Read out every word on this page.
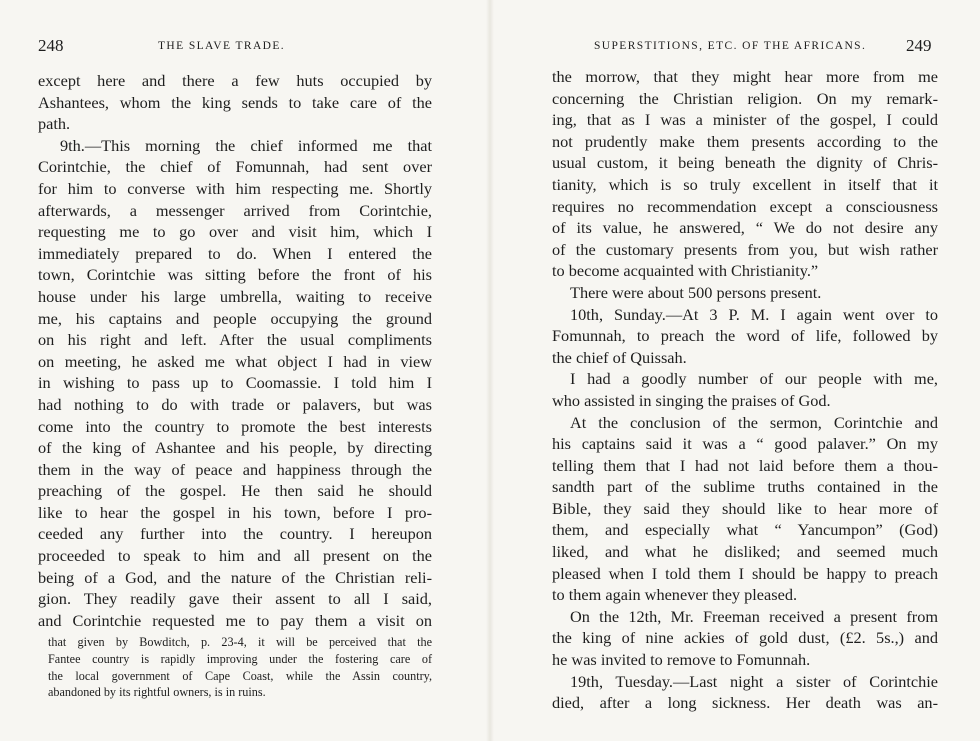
248	THE SLAVE TRADE.
except here and there a few huts occupied by
Ashantees, whom the king sends to take care of the
path.
9th.—This morning the chief informed me that
Corintchie, the chief of Fomunnah, had sent over
for him to converse with him respecting me. Shortly
afterwards, a messenger arrived from Corintchie,
requesting me to go over and visit him, which I
immediately prepared to do. When I entered the
town, Corintchie was sitting before the front of his
house under his large umbrella, waiting to receive
me, his captains and people occupying the ground
on his right and left. After the usual compliments
on meeting, he asked me what object I had in view
in wishing to pass up to Coomassie. I told him I
had nothing to do with trade or palavers, but was
come into the country to promote the best interests
of the king of Ashantee and his people, by directing
them in the way of peace and happiness through the
preaching of the gospel. He then said he should
like to hear the gospel in his town, before I pro-
ceeded any further into the country. I hereupon
proceeded to speak to him and all present on the
being of a God, and the nature of the Christian reli-
gion. They readily gave their assent to all I said,
and Corintchie requested me to pay them a visit on
that given by Bowditch, p. 23-4, it will be perceived that the
Fantee country is rapidly improving under the fostering care of
the local government of Cape Coast, while the Assin country,
abandoned by its rightful owners, is in ruins.
SUPERSTITIONS, ETC. OF THE AFRICANS. 249
the morrow, that they might hear more from me
concerning the Christian religion. On my remark-
ing, that as I was a minister of the gospel, I could
not prudently make them presents according to the
usual custom, it being beneath the dignity of Chris-
tianity, which is so truly excellent in itself that it
requires no recommendation except a consciousness
of its value, he answered, “ We do not desire any
of the customary presents from you, but wish rather
to become acquainted with Christianity.”
There were about 500 persons present.
10th, Sunday.—At 3 P. M. I again went over to
Fomunnah, to preach the word of life, followed by
the chief of Quissah.
I had a goodly number of our people with me,
who assisted in singing the praises of God.
At the conclusion of the sermon, Corintchie and
his captains said it was a “ good palaver.” On my
telling them that I had not laid before them a thou-
sandth part of the sublime truths contained in the
Bible, they said they should like to hear more of
them, and especially what “ Yancumpon” (God)
liked, and what he disliked; and seemed much
pleased when I told them I should be happy to preach
to them again whenever they pleased.
On the 12th, Mr. Freeman received a present from
the king of nine ackies of gold dust, (£2. 5s.,) and
he was invited to remove to Fomunnah.
19th, Tuesday.—Last night a sister of Corintchie
died, after a long sickness. Her death was an-
